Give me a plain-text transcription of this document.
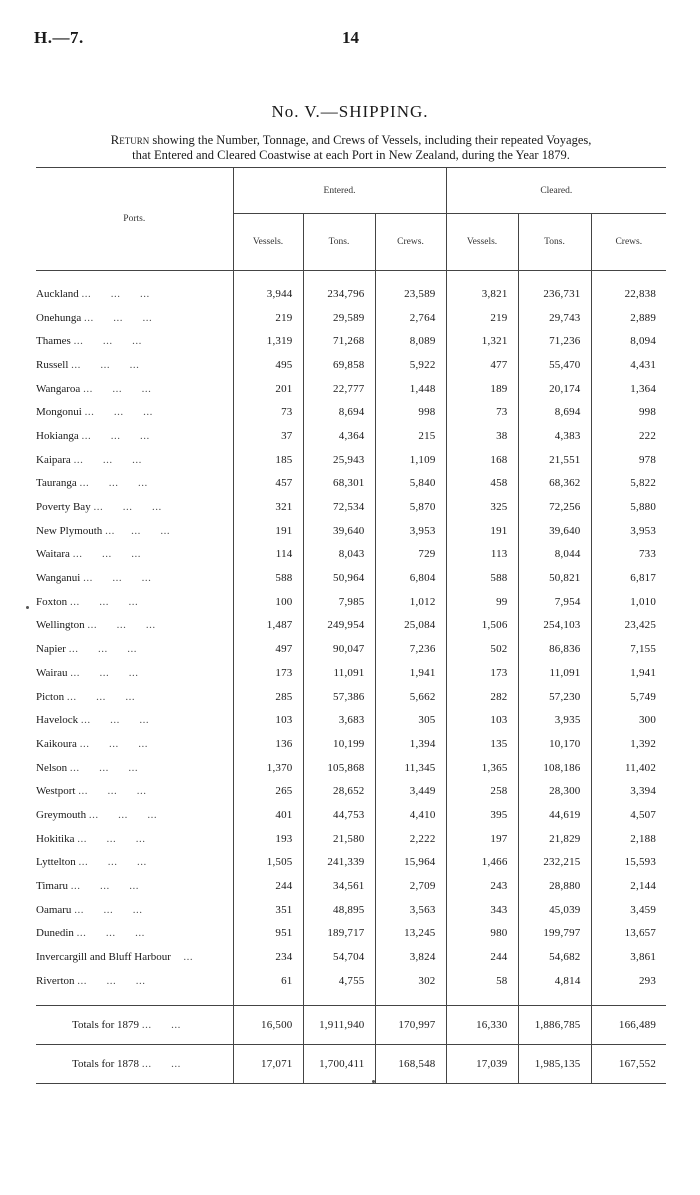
H.—7.	14
No. V.—SHIPPING.
Return showing the Number, Tonnage, and Crews of Vessels, including their repeated Voyages,
that Entered and Cleared Coastwise at each Port in New Zealand, during the Year 1879.
Ports.	Entered.			Cleared.		
	Vessels.	Tons.	Crews.	Vessels.	Tons.	Crews.

Auckland ...      ...      ...	3,944	234,796	23,589	3,821	236,731	22,838
Onehunga ...      ...      ...	219	29,589	2,764	219	29,743	2,889
Thames ...      ...      ...	1,319	71,268	8,089	1,321	71,236	8,094
Russell ...      ...      ...	495	69,858	5,922	477	55,470	4,431
Wangaroa ...      ...      ...	201	22,777	1,448	189	20,174	1,364
Mongonui ...      ...      ...	73	8,694	998	73	8,694	998
Hokianga ...      ...      ...	37	4,364	215	38	4,383	222
Kaipara ...      ...      ...	185	25,943	1,109	168	21,551	978
Tauranga ...      ...      ...	457	68,301	5,840	458	68,362	5,822
Poverty Bay ...      ...      ...	321	72,534	5,870	325	72,256	5,880
New Plymouth ...     ...      ...	191	39,640	3,953	191	39,640	3,953
Waitara ...      ...      ...	114	8,043	729	113	8,044	733
Wanganui ...      ...      ...	588	50,964	6,804	588	50,821	6,817
Foxton ...      ...      ...	100	7,985	1,012	99	7,954	1,010
Wellington ...      ...      ...	1,487	249,954	25,084	1,506	254,103	23,425
Napier ...      ...      ...	497	90,047	7,236	502	86,836	7,155
Wairau ...      ...      ...	173	11,091	1,941	173	11,091	1,941
Picton ...      ...      ...	285	57,386	5,662	282	57,230	5,749
Havelock ...      ...      ...	103	3,683	305	103	3,935	300
Kaikoura ...      ...      ...	136	10,199	1,394	135	10,170	1,392
Nelson ...      ...      ...	1,370	105,868	11,345	1,365	108,186	11,402
Westport ...      ...      ...	265	28,652	3,449	258	28,300	3,394
Greymouth ...      ...      ...	401	44,753	4,410	395	44,619	4,507
Hokitika ...      ...      ...	193	21,580	2,222	197	21,829	2,188
Lyttelton ...      ...      ...	1,505	241,339	15,964	1,466	232,215	15,593
Timaru ...      ...      ...	244	34,561	2,709	243	28,880	2,144
Oamaru ...      ...      ...	351	48,895	3,563	343	45,039	3,459
Dunedin ...      ...      ...	951	189,717	13,245	980	199,797	13,657
Invercargill and Bluff Harbour    ...	234	54,704	3,824	244	54,682	3,861
Riverton ...      ...      ...	61	4,755	302	58	4,814	293

Totals for 1879 ...      ...	16,500	1,911,940	170,997	16,330	1,886,785	166,489
Totals for 1878 ...      ...	17,071	1,700,411	168,548	17,039	1,985,135	167,552
